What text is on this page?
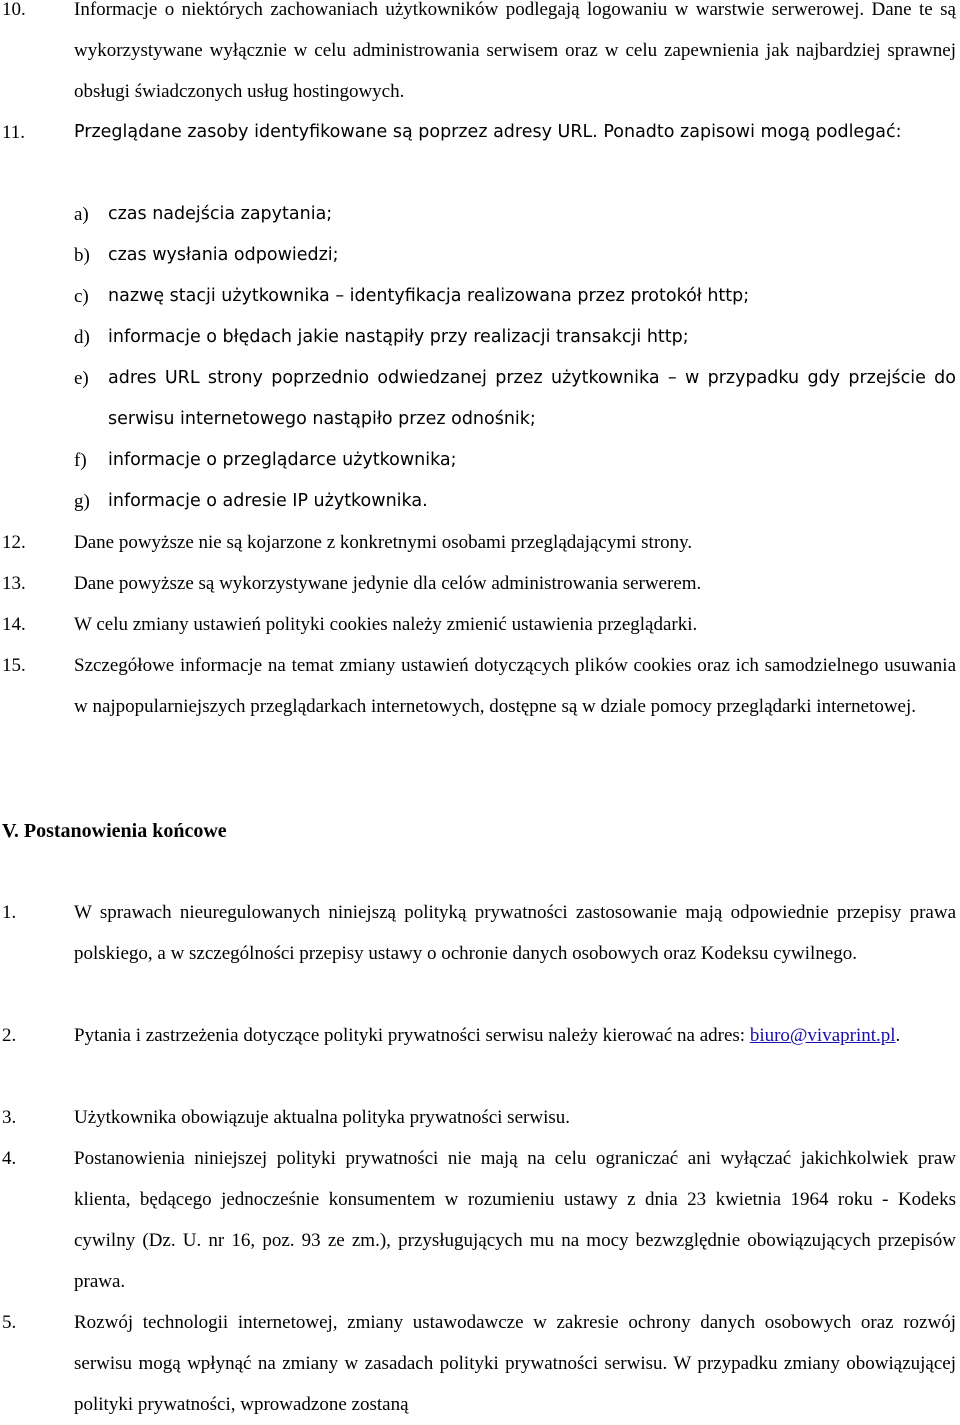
10.	Informacje o niektórych zachowaniach użytkowników podlegają logowaniu w warstwie serwerowej. Dane te są wykorzystywane wyłącznie w celu administrowania serwisem oraz w celu zapewnienia jak najbardziej sprawnej obsługi świadczonych usług hostingowych.
11.	Przeglądane zasoby identyfikowane są poprzez adresy URL. Ponadto zapisowi mogą podlegać:
a) czas nadejścia zapytania;
b) czas wysłania odpowiedzi;
c) nazwę stacji użytkownika – identyfikacja realizowana przez protokół http;
d) informacje o błędach jakie nastąpiły przy realizacji transakcji http;
e) adres URL strony poprzednio odwiedzanej przez użytkownika – w przypadku gdy przejście do serwisu internetowego nastąpiło przez odnośnik;
f) informacje o przeglądarce użytkownika;
g) informacje o adresie IP użytkownika.
12.	Dane powyższe nie są kojarzone z konkretnymi osobami przeglądającymi strony.
13.	Dane powyższe są wykorzystywane jedynie dla celów administrowania serwerem.
14.	W celu zmiany ustawień polityki cookies należy zmienić ustawienia przeglądarki.
15.	Szczegółowe informacje na temat zmiany ustawień dotyczących plików cookies oraz ich samodzielnego usuwania w najpopularniejszych przeglądarkach internetowych, dostępne są w dziale pomocy przeglądarki internetowej.
V. Postanowienia końcowe
1.	W sprawach nieuregulowanych niniejszą polityką prywatności zastosowanie mają odpowiednie przepisy prawa polskiego, a w szczególności przepisy ustawy o ochronie danych osobowych oraz Kodeksu cywilnego.
2.	Pytania i zastrzeżenia dotyczące polityki prywatności serwisu należy kierować na adres: biuro@vivaprint.pl.
3.	Użytkownika obowiązuje aktualna polityka prywatności serwisu.
4.	Postanowienia niniejszej polityki prywatności nie mają na celu ograniczać ani wyłączać jakichkolwiek praw klienta, będącego jednocześnie konsumentem w rozumieniu ustawy z dnia 23 kwietnia 1964 roku - Kodeks cywilny (Dz. U. nr 16, poz. 93 ze zm.), przysługujących mu na mocy bezwzględnie obowiązujących przepisów prawa.
5.	Rozwój technologii internetowej, zmiany ustawodawcze w zakresie ochrony danych osobowych oraz rozwój serwisu mogą wpłynąć na zmiany w zasadach polityki prywatności serwisu. W przypadku zmiany obowiązującej polityki prywatności, wprowadzone zostaną
